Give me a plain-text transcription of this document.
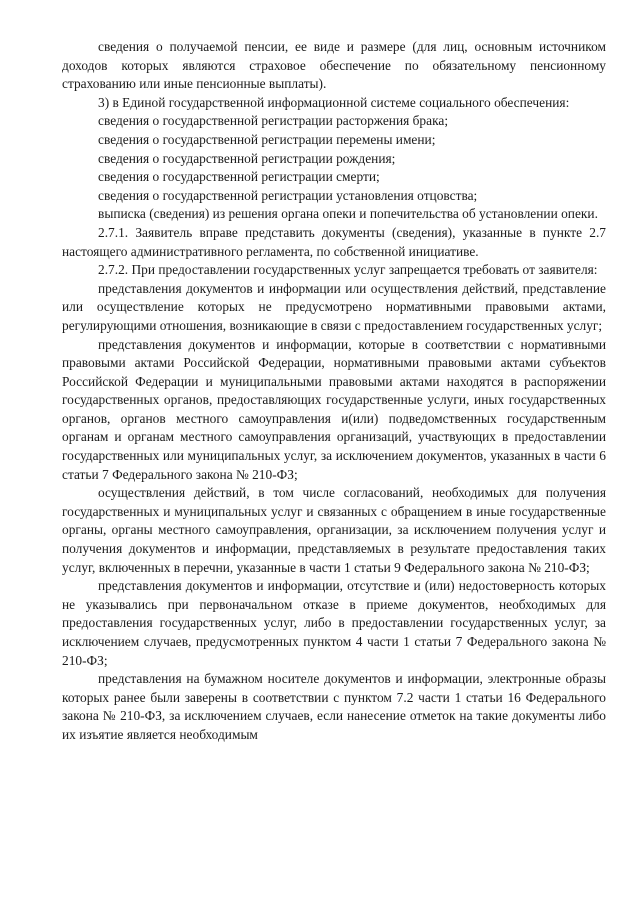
сведения о получаемой пенсии, ее виде и размере (для лиц, основным источником доходов которых являются страховое обеспечение по обязательному пенсионному страхованию или иные пенсионные выплаты).

3) в Единой государственной информационной системе социального обеспечения:

сведения о государственной регистрации расторжения брака;

сведения о государственной регистрации перемены имени;

сведения о государственной регистрации рождения;

сведения о государственной регистрации смерти;

сведения о государственной регистрации установления отцовства;

выписка (сведения) из решения органа опеки и попечительства об установлении опеки.

2.7.1. Заявитель вправе представить документы (сведения), указанные в пункте 2.7 настоящего административного регламента, по собственной инициативе.

2.7.2. При предоставлении государственных услуг запрещается требовать от заявителя:

представления документов и информации или осуществления действий, представление или осуществление которых не предусмотрено нормативными правовыми актами, регулирующими отношения, возникающие в связи с предоставлением государственных услуг;

представления документов и информации, которые в соответствии с нормативными правовыми актами Российской Федерации, нормативными правовыми актами субъектов Российской Федерации и муниципальными правовыми актами находятся в распоряжении государственных органов, предоставляющих государственные услуги, иных государственных органов, органов местного самоуправления и(или) подведомственных государственным органам и органам местного самоуправления организаций, участвующих в предоставлении государственных или муниципальных услуг, за исключением документов, указанных в части 6 статьи 7 Федерального закона № 210-ФЗ;

осуществления действий, в том числе согласований, необходимых для получения государственных и муниципальных услуг и связанных с обращением в иные государственные органы, органы местного самоуправления, организации, за исключением получения услуг и получения документов и информации, представляемых в результате предоставления таких услуг, включенных в перечни, указанные в части 1 статьи 9 Федерального закона № 210-ФЗ;

представления документов и информации, отсутствие и (или) недостоверность которых не указывались при первоначальном отказе в приеме документов, необходимых для предоставления государственных услуг, либо в предоставлении государственных услуг, за исключением случаев, предусмотренных пунктом 4 части 1 статьи 7 Федерального закона № 210-ФЗ;

представления на бумажном носителе документов и информации, электронные образы которых ранее были заверены в соответствии с пунктом 7.2 части 1 статьи 16 Федерального закона № 210-ФЗ, за исключением случаев, если нанесение отметок на такие документы либо их изъятие является необходимым
